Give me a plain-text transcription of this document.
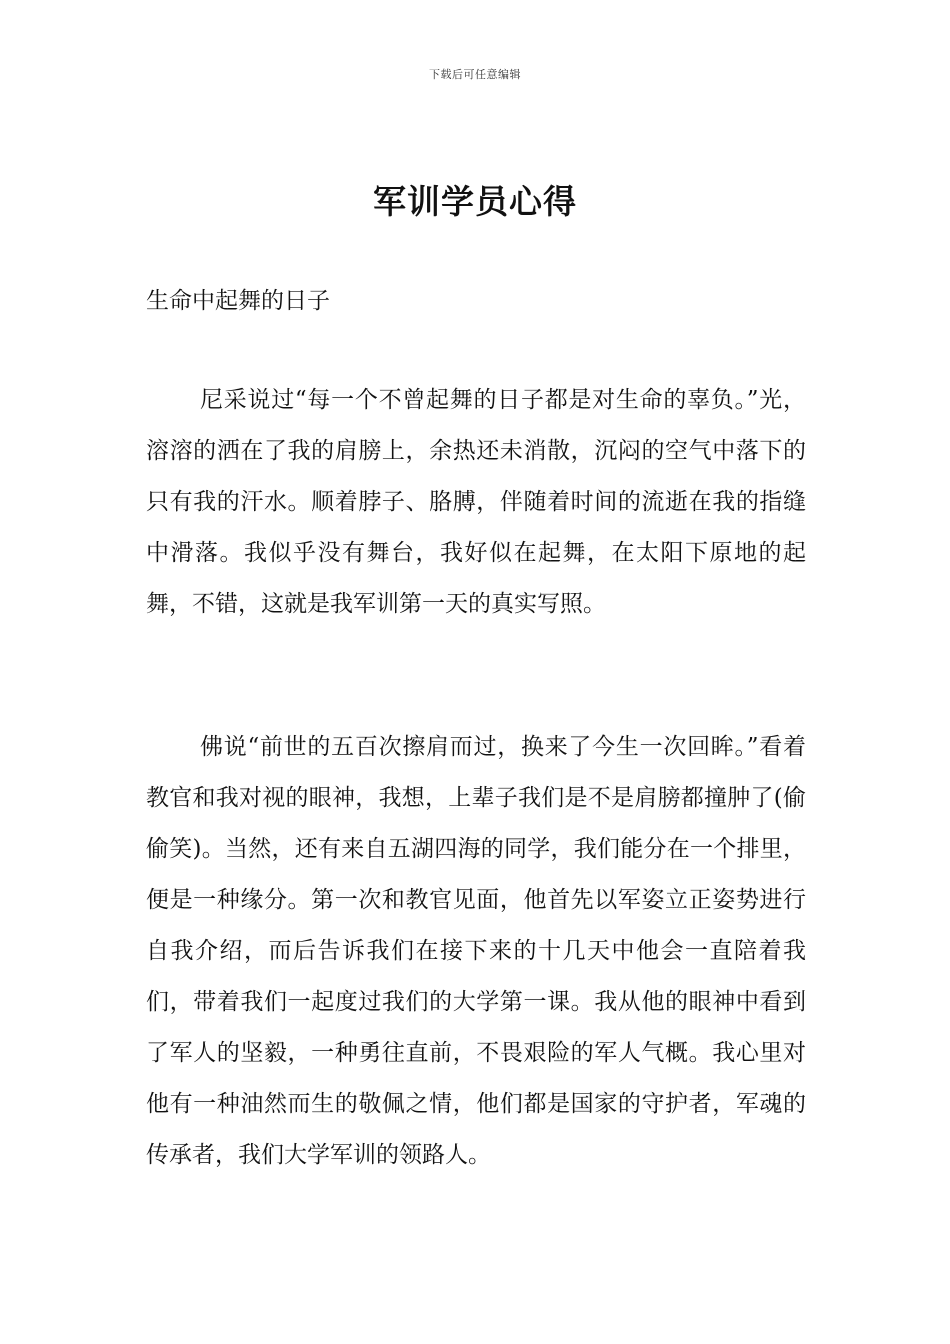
下载后可任意编辑
军训学员心得

生命中起舞的日子

尼采说过“每一个不曾起舞的日子都是对生命的辜负。”光，溶溶的洒在了我的肩膀上，余热还未消散，沉闷的空气中落下的只有我的汗水。顺着脖子、胳膊，伴随着时间的流逝在我的指缝中滑落。我似乎没有舞台，我好似在起舞，在太阳下原地的起舞，不错，这就是我军训第一天的真实写照。

佛说“前世的五百次擦肩而过，换来了今生一次回眸。”看着教官和我对视的眼神，我想，上辈子我们是不是肩膀都撞肿了(偷偷笑)。当然，还有来自五湖四海的同学，我们能分在一个排里，便是一种缘分。第一次和教官见面，他首先以军姿立正姿势进行自我介绍，而后告诉我们在接下来的十几天中他会一直陪着我们，带着我们一起度过我们的大学第一课。我从他的眼神中看到了军人的坚毅，一种勇往直前，不畏艰险的军人气概。我心里对他有一种油然而生的敬佩之情，他们都是国家的守护者，军魂的传承者，我们大学军训的领路人。
